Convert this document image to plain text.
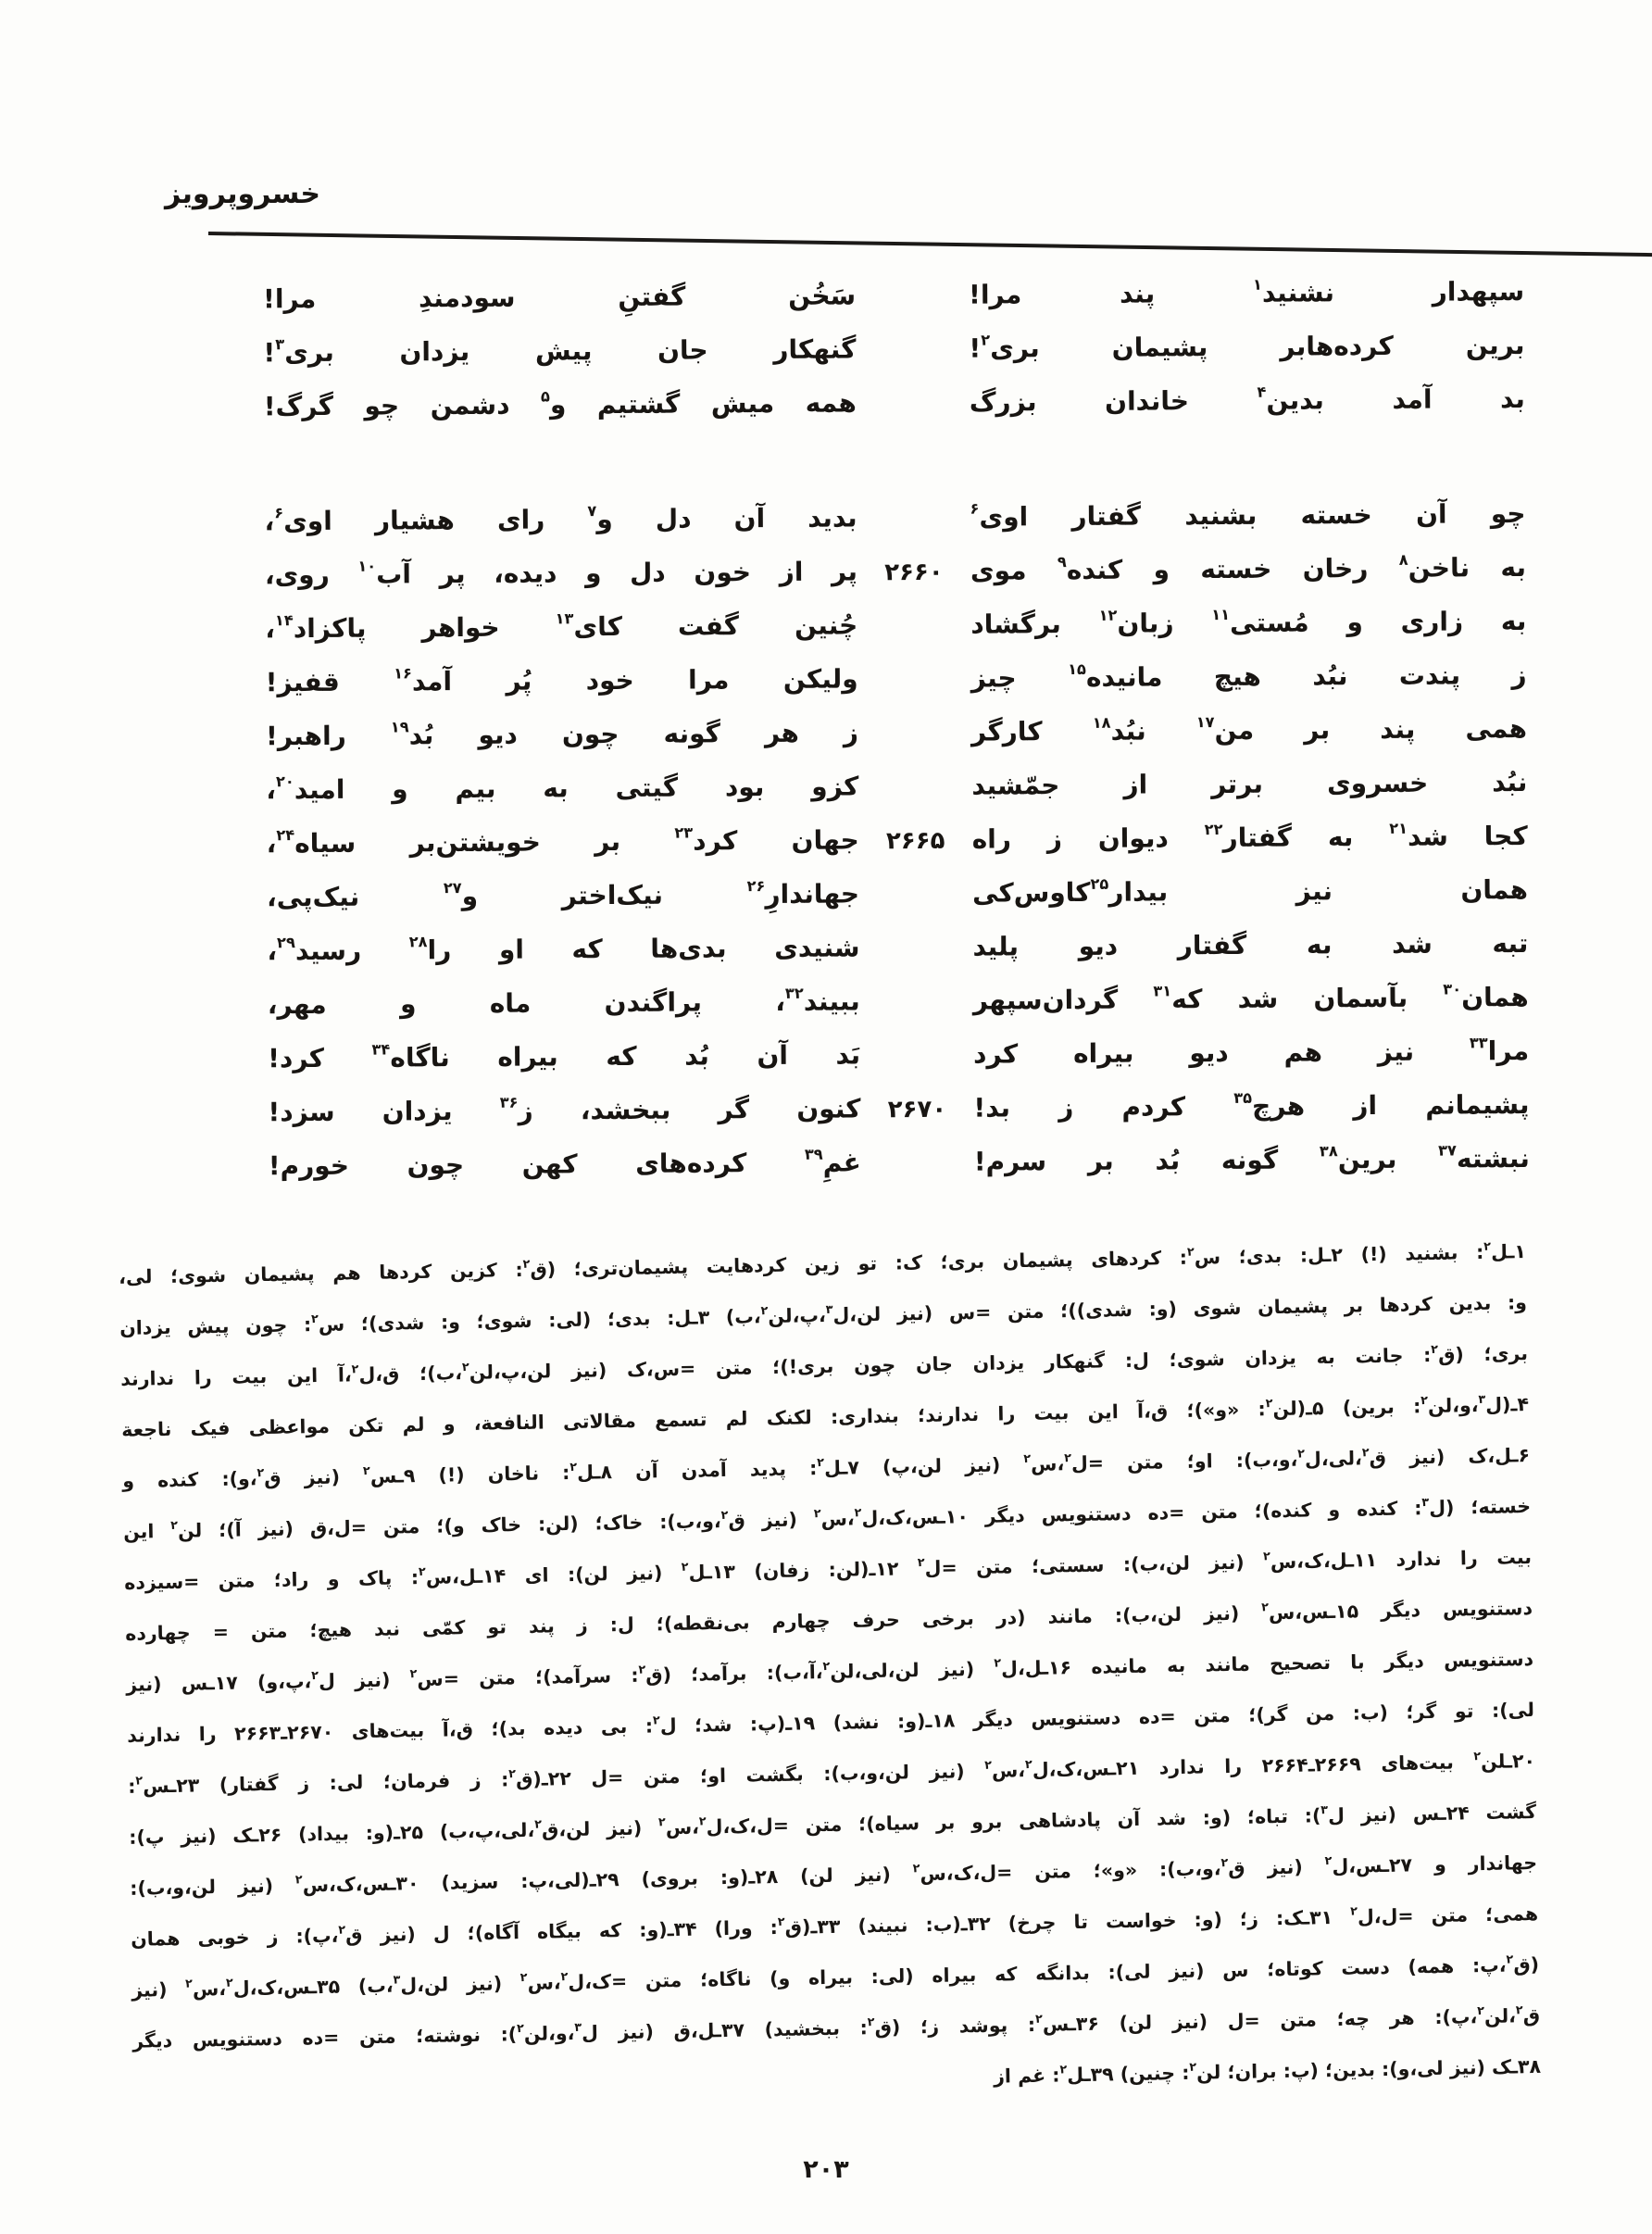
خسروپرویز
سپهدار نشنید$^۱$ پند مرا!
سَخُن گفتنِ سودمندِ مرا!
برین کرده‌هابر پشیمان بری$^۲$!
گنهکار جان پیش یزدان بری$^۳$!
بد آمد بدین$^۴$ خاندان بزرگ
همه میش گشتیم و$^۵$ دشمن چو گرگ!
چو آن خسته بشنید گفتار اوی$^۶$
بدید آن دل و$^۷$ رای هشیار اوی$^۶$،
به ناخن$^۸$ رخان خسته و کنده$^۹$ موی
۲۶۶۰
پر از خون دل و دیده، پر آب$^{۱۰}$ روی،
به زاری و مُستی$^{۱۱}$ زبان$^{۱۲}$ برگشاد
چُنین گفت کای$^{۱۳}$ خواهر پاکزاد$^{۱۴}$،
ز پندت نبُد هیچ مانیده$^{۱۵}$ چیز
ولیکن مرا خود پُر آمد$^{۱۶}$ قفیز!
همی پند بر من$^{۱۷}$ نبُد$^{۱۸}$ کارگر
ز هر گونه چون دیو بُد$^{۱۹}$ راهبر!
نبُد خسروی برتر از جمّشید
کزو بود گیتی به بیم و امید$^{۲۰}$،
کجا شد$^{۲۱}$ به گفتار$^{۲۲}$ دیوان ز راه
۲۶۶۵
جهان کرد$^{۲۳}$ بر خویشتن‌بر سیاه$^{۲۴}$،
همان نیز بیدار$^{۲۵}$کاوس‌کی
جهاندارِ$^{۲۶}$ نیک‌اختر و$^{۲۷}$ نیک‌پی،
تبه شد به گفتار دیو پلید
شنیدی بدی‌ها که او را$^{۲۸}$ رسید$^{۲۹}$،
همان$^{۳۰}$ بآسمان شد که$^{۳۱}$ گردان‌سپهر
ببیند$^{۳۲}$، پراگندن ماه و مهر،
مرا$^{۳۳}$ نیز هم دیو بیراه کرد
بَد آن بُد که بیراه ناگاه$^{۳۴}$ کرد!
پشیمانم از هرچ$^{۳۵}$ کردم ز بد!
۲۶۷۰
کنون گر ببخشد، ز$^{۳۶}$ یزدان سزد!
نبشته$^{۳۷}$ برین$^{۳۸}$ گونه بُد بر سرم!
غمِ$^{۳۹}$ کرده‌های کهن چون خورم!
۱ـل$^۲$: بشنید (!) ۲ـل: بدی؛ س$^۲$: کردهای پشیمان بری؛ ک: تو زین کردهایت پشیمان‌تری؛ (ق$^۲$: کزین کردها هم پشیمان شوی؛ لی،
و: بدین کردها بر پشیمان شوی (و: شدی))؛ متن =س (نیز لن،ل$^۳$،پ،لن$^۲$،ب) ۳ـل: بدی؛ (لی: شوی؛ و: شدی)؛ س$^۲$: چون پیش یزدان
بری؛ (ق$^۲$: جانت به یزدان شوی؛ ل: گنهکار یزدان جان چون بری!)؛ متن =س،ک (نیز لن،پ،لن$^۲$،ب)؛ ق،ل$^۲$،آ این بیت را ندارند
۴ـ(ل$^۳$،و،لن$^۲$: برین) ۵ـ(لن$^۲$: «و»)؛ ق،آ این بیت را ندارند؛ بنداری: لکنک لم تسمع مقالاتی النافعة، و لم تکن مواعظی فیک ناجعة
۶ـل،ک (نیز ق$^۲$،لی،ل$^۲$،و،ب): او؛ متن =ل$^۲$،س$^۲$ (نیز لن،پ) ۷ـل$^۲$: پدید آمدن آن ۸ـل$^۲$: ناخان (!) ۹ـس$^۲$ (نیز ق$^۲$،و): کنده و
خسته؛ (ل$^۳$: کنده و کنده)؛ متن =ده دستنویس دیگر ۱۰ـس،ک،ل$^۲$،س$^۲$ (نیز ق$^۲$،و،ب): خاک؛ (لن: خاک و)؛ متن =ل،ق (نیز آ)؛ لن$^۲$ این
بیت را ندارد ۱۱ـل،ک،س$^۲$ (نیز لن،ب): سستی؛ متن =ل$^۲$ ۱۲ـ(لن: زفان) ۱۳ـل$^۲$ (نیز لن): ای ۱۴ـل،س$^۲$: پاک و راد؛ متن =سیزده
دستنویس دیگر ۱۵ـس،س$^۲$ (نیز لن،ب): مانند (در برخی حرف چهارم بی‌نقطه)؛ ل: ز پند تو کمّی نبد هیچ؛ متن = چهارده
دستنویس دیگر با تصحیح مانند به مانیده ۱۶ـل،ل$^۲$ (نیز لن،لی،لن$^۲$،آ،ب): برآمد؛ (ق$^۲$: سرآمد)؛ متن =س$^۲$ (نیز ل$^۲$،پ،و) ۱۷ـس (نیز
لی): تو گر؛ (ب: من گر)؛ متن =ده دستنویس دیگر ۱۸ـ(و: نشد) ۱۹ـ(پ: شد؛ ل$^۲$: بی دیده بد)؛ ق،آ بیت‌های ۲۶۷۰ـ۲۶۶۳ را ندارند
۲۰ـلن$^۲$ بیت‌های ۲۶۶۹ـ۲۶۶۴ را ندارد ۲۱ـس،ک،ل$^۲$،س$^۲$ (نیز لن،و،ب): بگشت او؛ متن =ل ۲۲ـ(ق$^۲$: ز فرمان؛ لی: ز گفتار) ۲۳ـس$^۲$:
گشت ۲۴ـس (نیز ل$^۳$): تباه؛ (و: شد آن پادشاهی برو بر سیاه)؛ متن =ل،ک،ل$^۲$،س$^۲$ (نیز لن،ق$^۲$،لی،پ،ب) ۲۵ـ(و: بیداد) ۲۶ـک (نیز پ):
جهاندار و ۲۷ـس،ل$^۲$ (نیز ق$^۲$،و،ب): «و»؛ متن =ل،ک،س$^۲$ (نیز لن) ۲۸ـ(و: بروی) ۲۹ـ(لی،پ: سزید) ۳۰ـس،ک،س$^۲$ (نیز لن،و،ب):
همی؛ متن =ل،ل$^۲$ ۳۱ـک: ز؛ (و: خواست تا چرخ) ۳۲ـ(ب: نبیند) ۳۳ـ(ق$^۲$: ورا) ۳۴ـ(و: که بیگاه آگاه)؛ ل (نیز ق$^۲$،پ): ز خوبی همان
(ق$^۲$،پ: همه) دست کوتاه؛ س (نیز لی): بدانگه که بیراه (لی: بیراه و) ناگاه؛ متن =ک،ل$^۲$،س$^۲$ (نیز لن،ل$^۳$،ب) ۳۵ـس،ک،ل$^۲$،س$^۲$ (نیز
ق$^۲$،لن$^۲$،پ): هر چه؛ متن =ل (نیز لن) ۳۶ـس$^۲$: پوشد ز؛ (ق$^۲$: ببخشید) ۳۷ـل،ق (نیز ل$^۳$،و،لن$^۲$): نوشته؛ متن =ده دستنویس دیگر
۳۸ـک (نیز لی،و): بدین؛ (پ: بران؛ لن$^۲$: چنین) ۳۹ـل$^۲$: غم از
۲۰۳
